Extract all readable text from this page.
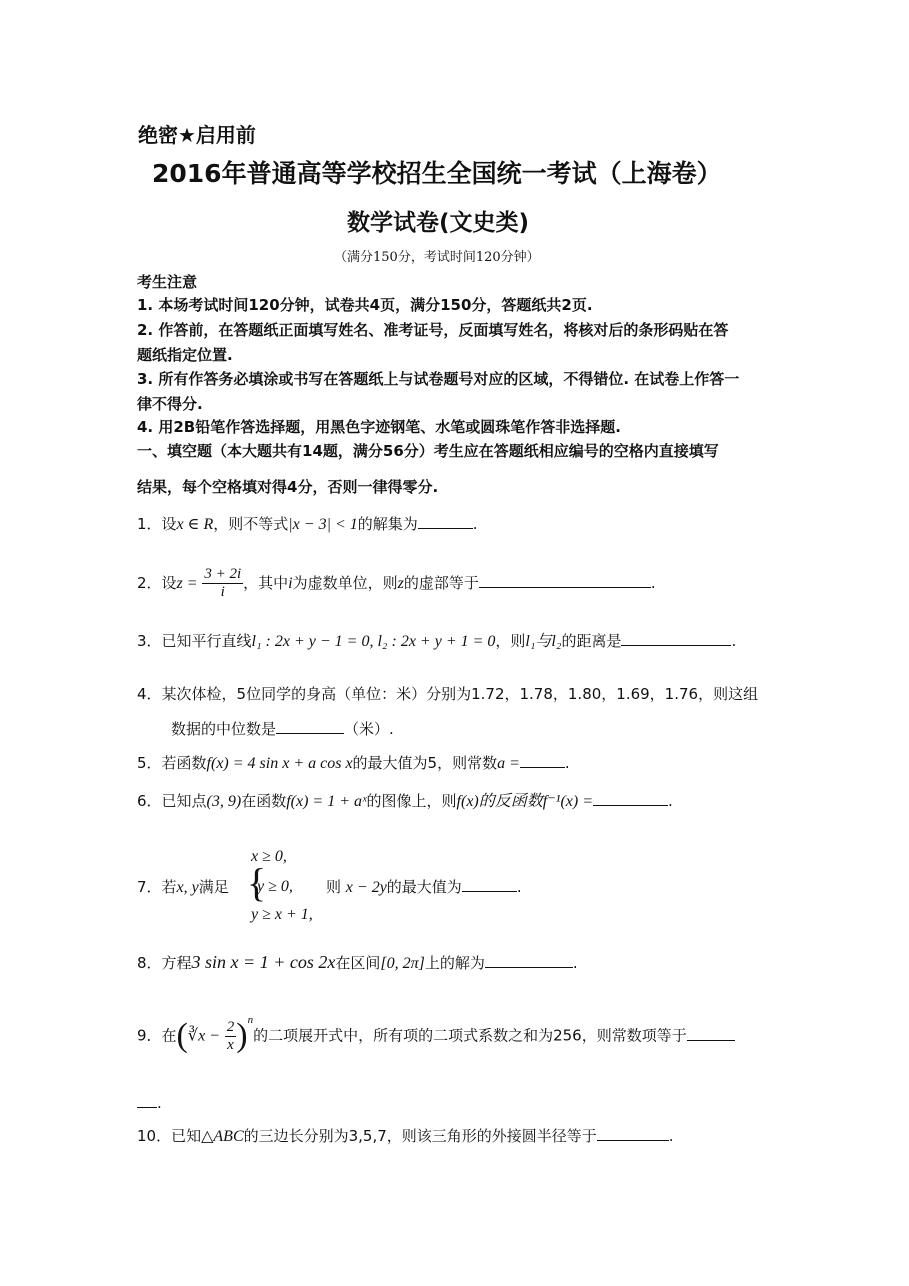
绝密★启用前
2016年普通高等学校招生全国统一考试（上海卷）
数学试卷(文史类)
（满分150分，考试时间120分钟）
考生注意
1. 本场考试时间120分钟，试卷共4页，满分150分，答题纸共2页.
2. 作答前，在答题纸正面填写姓名、准考证号，反面填写姓名，将核对后的条形码贴在答
题纸指定位置.
3. 所有作答务必填涂或书写在答题纸上与试卷题号对应的区域，不得错位. 在试卷上作答一
律不得分.
4. 用2B铅笔作答选择题，用黑色字迹钢笔、水笔或圆珠笔作答非选择题.
一、填空题（本大题共有14题，满分56分）考生应在答题纸相应编号的空格内直接填写
结果，每个空格填对得4分，否则一律得零分.
1．设x ∈ R，则不等式|x − 3| < 1的解集为	.
2．设$z = \frac{3 + 2i}{i}$ ，其中i为虚数单位，则z的虚部等于	.
3．已知平行直线l₁ : 2x + y − 1 = 0, l₂ : 2x + y + 1 = 0，则l₁与l₂的距离是	.
4．某次体检，5位同学的身高（单位：米）分别为1.72，1.78，1.80，1.69，1.76，则这组
数据的中位数是	（米）.
5．若函数f(x) = 4 sin x + a cos x的最大值为5，则常数a =	.
6．已知点(3, 9)在函数f(x) = 1 + aˣ的图像上，则f(x)的反函数f⁻¹(x) =	.
x ≥ 0,
7．若x, y满足 {
y ≥ 0, 则 x − 2y的最大值为	.
y ≥ x + 1,
8．方程3 sin x = 1 + cos 2x在区间[0, 2π]上的解为	.
9．在(∛x − $\frac{2}{x} )^n$的二项展开式中，所有项的二项式系数之和为256，则常数项等于
.
10．已知△ABC的三边长分别为3,5,7，则该三角形的外接圆半径等于	.
